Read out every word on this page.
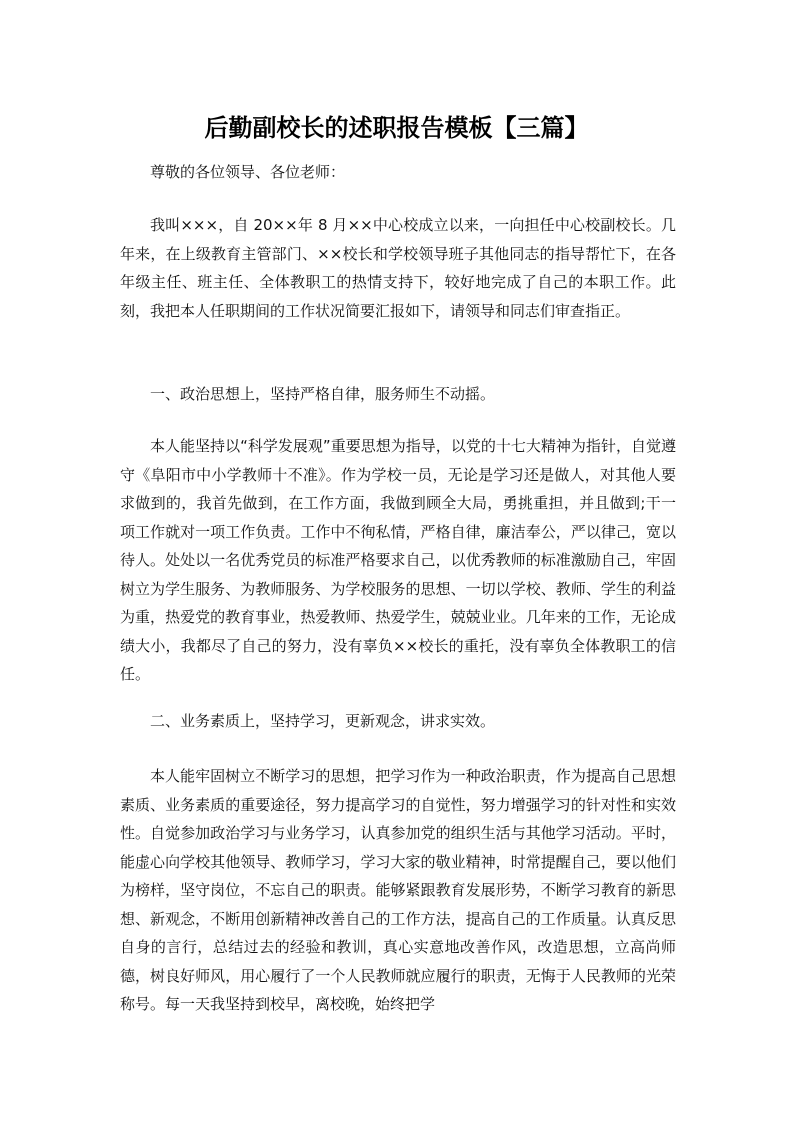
后勤副校长的述职报告模板【三篇】

尊敬的各位领导、各位老师：

我叫×××，自 20××年 8 月××中心校成立以来，一向担任中心校副校长。几年来，在上级教育主管部门、××校长和学校领导班子其他同志的指导帮忙下，在各年级主任、班主任、全体教职工的热情支持下，较好地完成了自己的本职工作。此刻，我把本人任职期间的工作状况简要汇报如下，请领导和同志们审查指正。

一、政治思想上，坚持严格自律，服务师生不动摇。

本人能坚持以“科学发展观”重要思想为指导，以党的十七大精神为指针，自觉遵守《阜阳市中小学教师十不准》。作为学校一员，无论是学习还是做人，对其他人要求做到的，我首先做到，在工作方面，我做到顾全大局，勇挑重担，并且做到;干一项工作就对一项工作负责。工作中不徇私情，严格自律，廉洁奉公，严以律己，宽以待人。处处以一名优秀党员的标准严格要求自己，以优秀教师的标准激励自己，牢固树立为学生服务、为教师服务、为学校服务的思想、一切以学校、教师、学生的利益为重，热爱党的教育事业，热爱教师、热爱学生，兢兢业业。几年来的工作，无论成绩大小，我都尽了自己的努力，没有辜负××校长的重托，没有辜负全体教职工的信任。

二、业务素质上，坚持学习，更新观念，讲求实效。

本人能牢固树立不断学习的思想，把学习作为一种政治职责，作为提高自己思想素质、业务素质的重要途径，努力提高学习的自觉性，努力增强学习的针对性和实效性。自觉参加政治学习与业务学习，认真参加党的组织生活与其他学习活动。平时，能虚心向学校其他领导、教师学习，学习大家的敬业精神，时常提醒自己，要以他们为榜样，坚守岗位，不忘自己的职责。能够紧跟教育发展形势，不断学习教育的新思想、新观念，不断用创新精神改善自己的工作方法，提高自己的工作质量。认真反思自身的言行，总结过去的经验和教训，真心实意地改善作风，改造思想，立高尚师德，树良好师风，用心履行了一个人民教师就应履行的职责，无悔于人民教师的光荣称号。每一天我坚持到校早，离校晚，始终把学
